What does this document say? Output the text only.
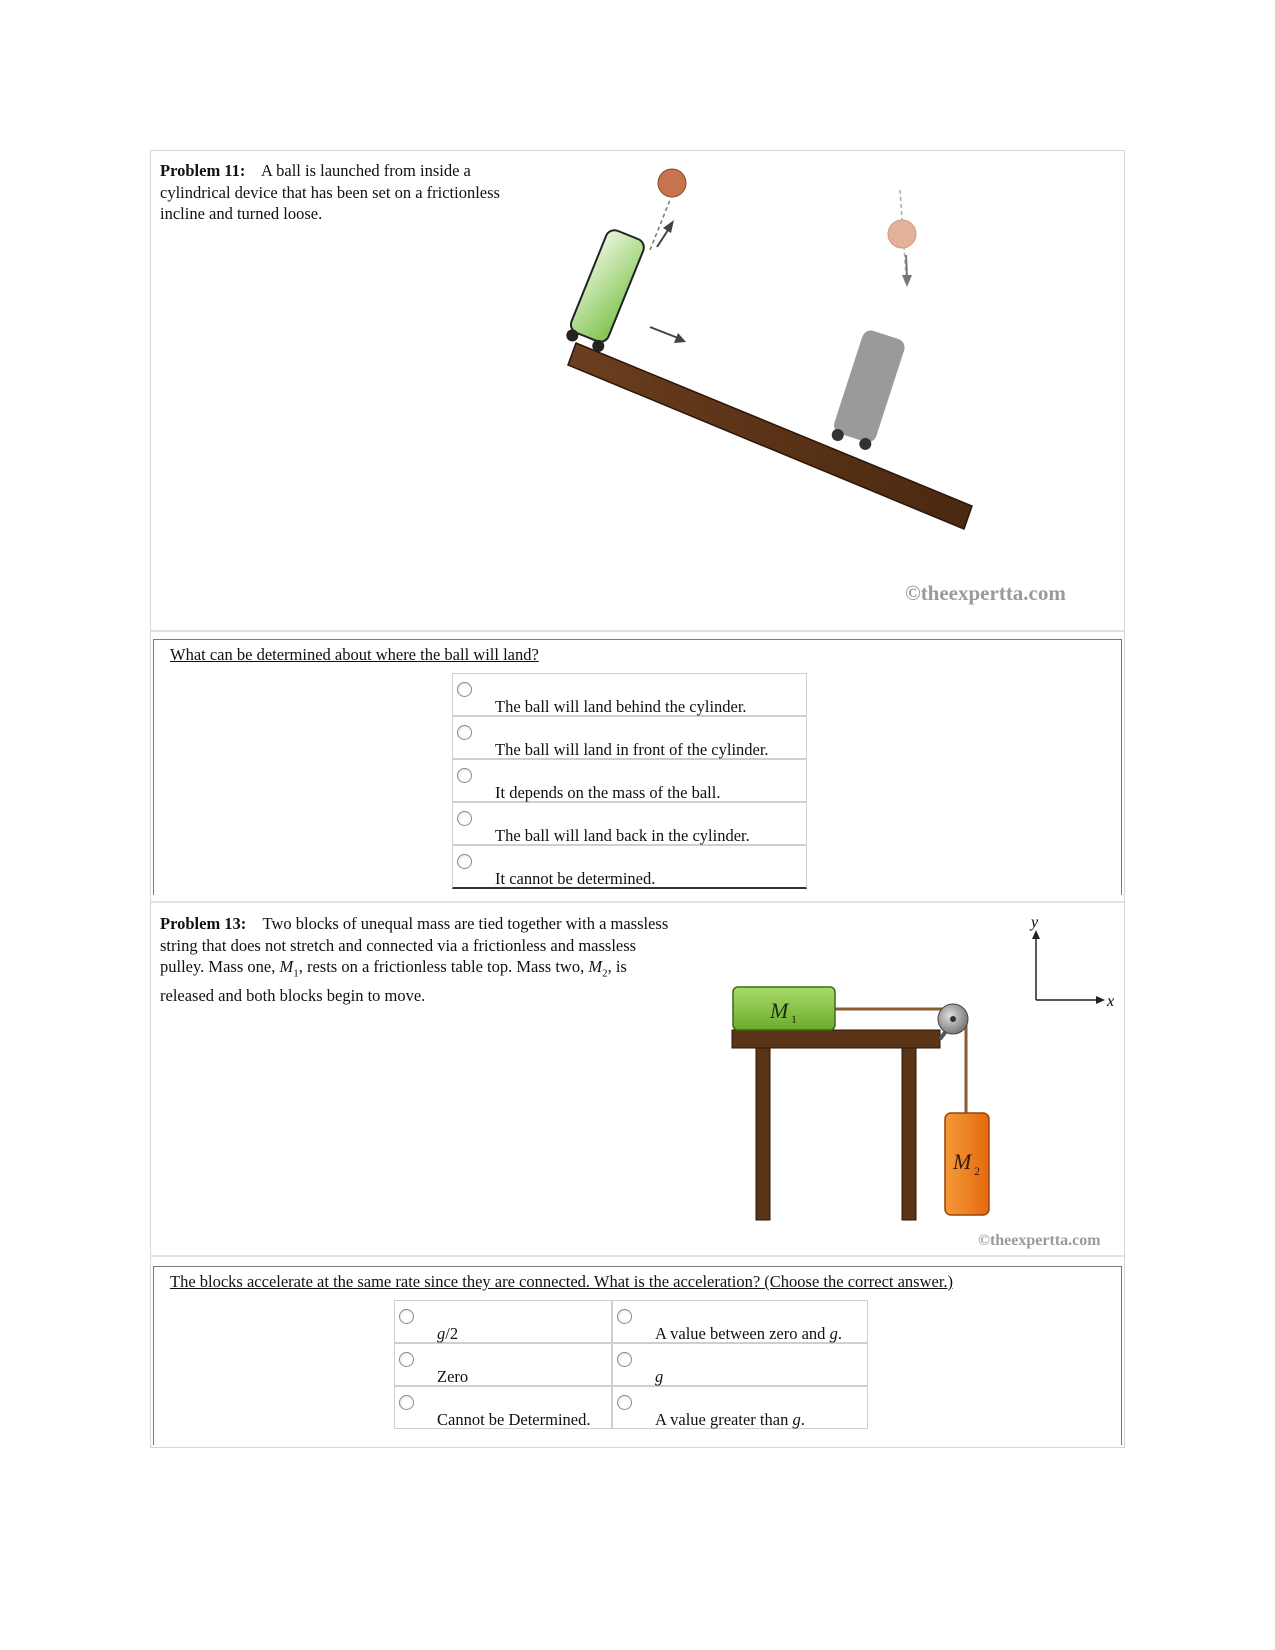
Problem 11: A ball is launched from inside a cylindrical device that has been set on a frictionless incline and turned loose.
©theexpertta.com
What can be determined about where the ball will land?
The ball will land behind the cylinder.
The ball will land in front of the cylinder.
It depends on the mass of the ball.
The ball will land back in the cylinder.
It cannot be determined.
Problem 13: Two blocks of unequal mass are tied together with a massless string that does not stretch and connected via a frictionless and massless pulley. Mass one, $M_1$, rests on a frictionless table top. Mass two, $M_2$, is released and both blocks begin to move.
y
x
M 1
M 2
©theexpertta.com
The blocks accelerate at the same rate since they are connected. What is the acceleration? (Choose the correct answer.)
g/2	A value between zero and g.
Zero	g
Cannot be Determined.	A value greater than g.
